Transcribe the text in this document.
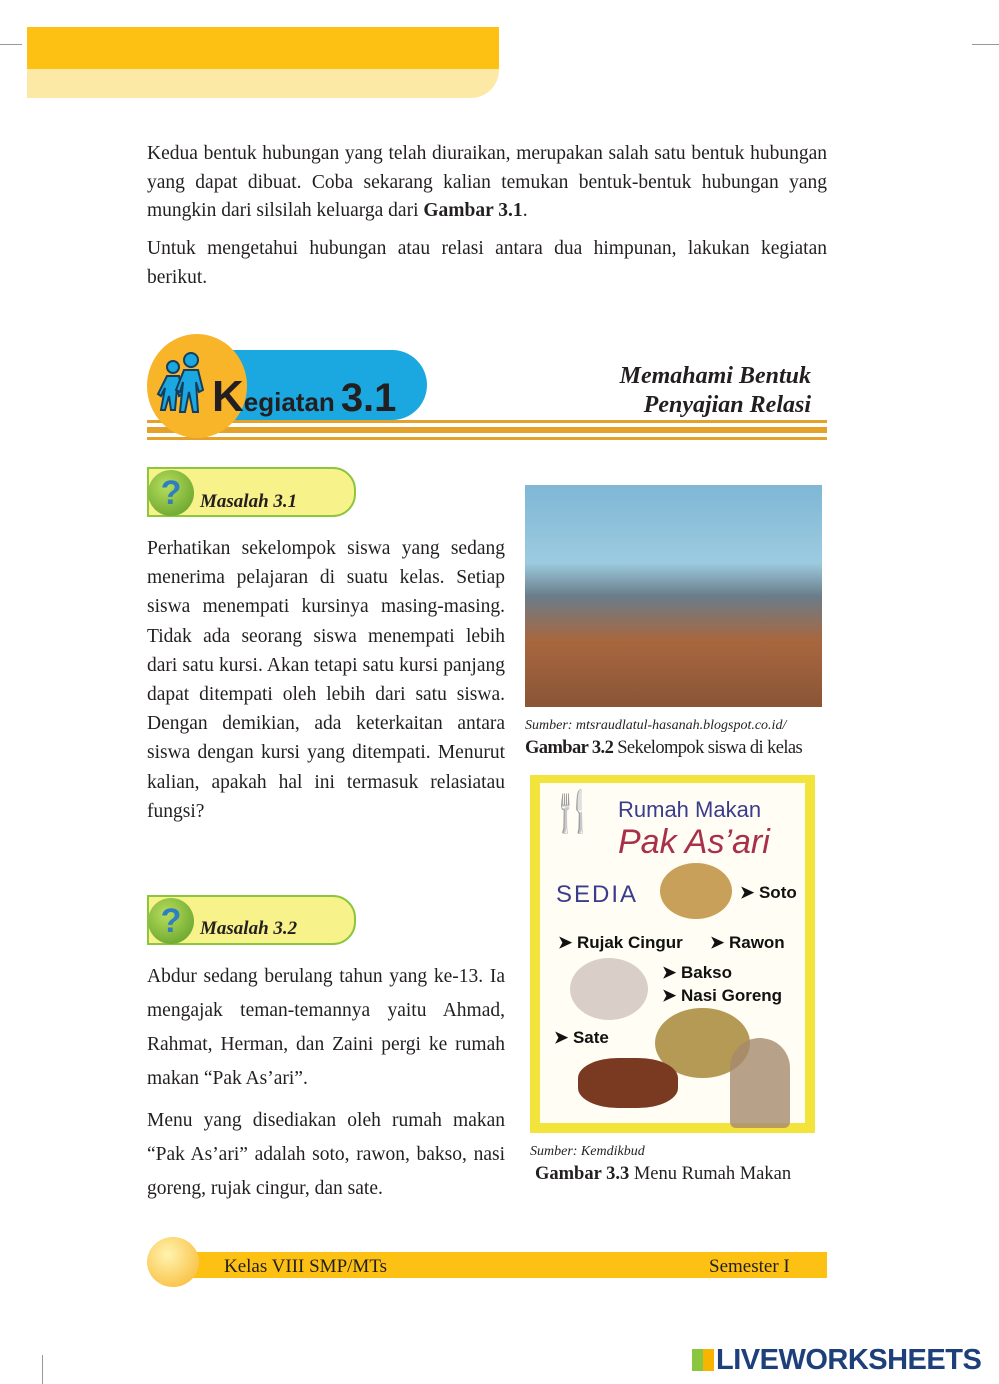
Kedua bentuk hubungan yang telah diuraikan, merupakan salah satu bentuk hubungan yang dapat dibuat. Coba sekarang kalian temukan bentuk-bentuk hubungan yang mungkin dari silsilah keluarga dari Gambar 3.1.

Untuk mengetahui hubungan atau relasi antara dua himpunan, lakukan kegiatan berikut.

Kegiatan 3.1	Memahami Bentuk
Penyajian Relasi
? Masalah 3.1

Perhatikan sekelompok siswa yang sedang menerima pelajaran di suatu kelas. Setiap siswa menempati kursinya masing-masing. Tidak ada seorang siswa menempati lebih dari satu kursi. Akan tetapi satu kursi panjang dapat ditempati oleh lebih dari satu siswa. Dengan demikian, ada keterkaitan antara siswa dengan kursi yang ditempati. Menurut kalian, apakah hal ini termasuk relasiatau fungsi?

? Masalah 3.2

Abdur sedang berulang tahun yang ke-13. Ia mengajak teman-temannya yaitu Ahmad, Rahmat, Herman, dan Zaini pergi ke rumah makan “Pak As’ari”.

Menu yang disediakan oleh rumah makan “Pak As’ari” adalah soto, rawon, bakso, nasi goreng, rujak cingur, dan sate.

Sumber: mtsraudlatul-hasanah.blogspot.co.id/
Gambar 3.2 Sekelompok siswa di kelas
🍴 Rumah Makan
Pak As’ari
SEDIA	➤ Soto
➤ Rujak Cingur ➤ Rawon
➤ Bakso
➤ Nasi Goreng
➤ Sate
Sumber: Kemdikbud
Gambar 3.3 Menu Rumah Makan
Kelas VIII SMP/MTs	Semester I
LIVEWORKSHEETS
